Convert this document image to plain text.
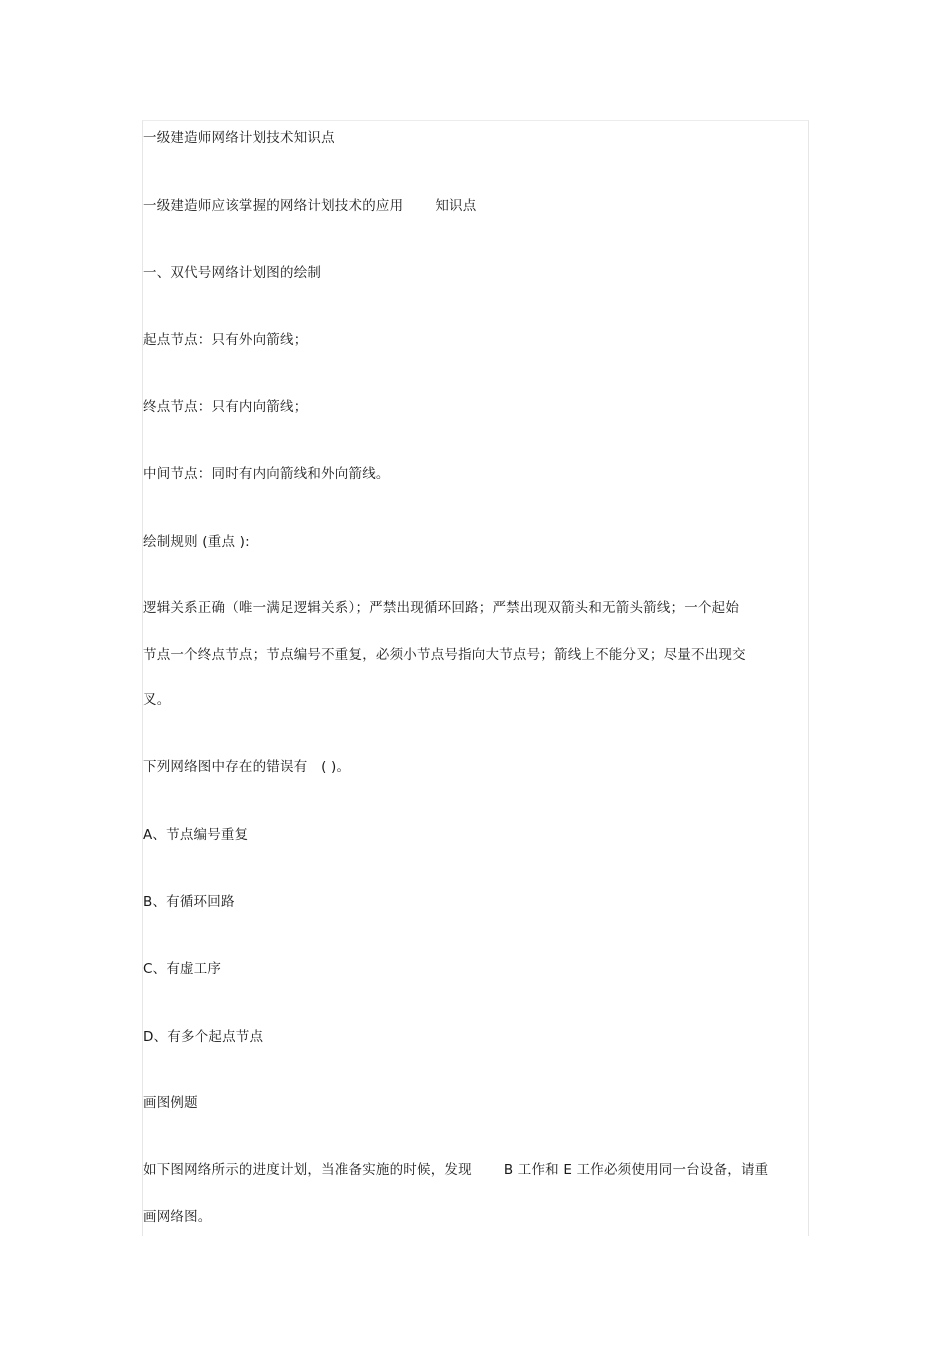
一级建造师网络计划技术知识点
一级建造师应该掌握的网络计划技术的应用 知识点
一、双代号网络计划图的绘制
起点节点：只有外向箭线；
终点节点：只有内向箭线；
中间节点：同时有内向箭线和外向箭线。
绘制规则 (重点 ):
逻辑关系正确（唯一满足逻辑关系）；严禁出现循环回路；严禁出现双箭头和无箭头箭线；一个起始
节点一个终点节点；节点编号不重复，必须小节点号指向大节点号；箭线上不能分叉；尽量不出现交
叉。
下列网络图中存在的错误有　( )。
A、节点编号重复
B、有循环回路
C、有虚工序
D、有多个起点节点
画图例题
如下图网络所示的进度计划，当准备实施的时候，发现 B 工作和 E 工作必须使用同一台设备，请重
画网络图。
